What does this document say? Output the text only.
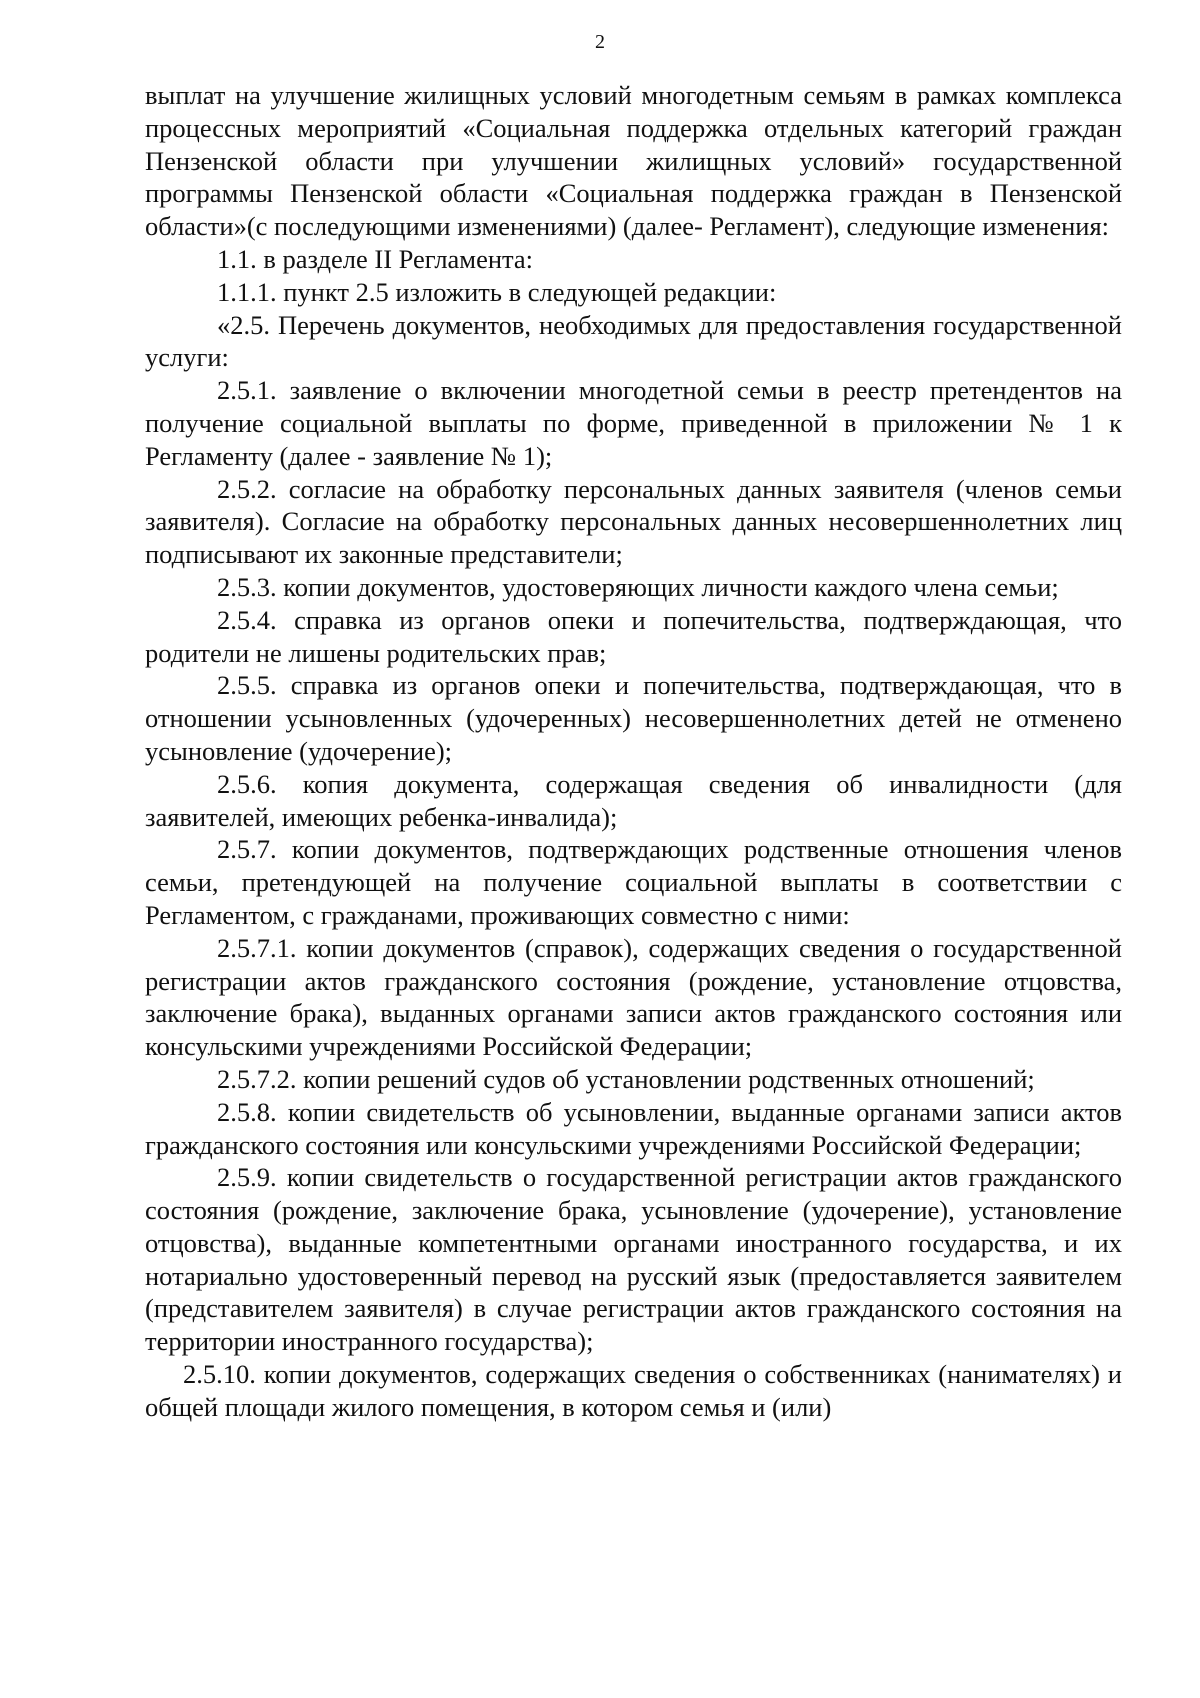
2

выплат на улучшение жилищных условий многодетным семьям в рамках комплекса процессных мероприятий «Социальная поддержка отдельных категорий граждан Пензенской области при улучшении жилищных условий» государственной программы Пензенской области «Социальная поддержка граждан в Пензенской области»(с последующими изменениями) (далее- Регламент), следующие изменения:

1.1. в разделе II Регламента:

1.1.1. пункт 2.5 изложить в следующей редакции:

«2.5. Перечень документов, необходимых для предоставления государственной услуги:

2.5.1. заявление о включении многодетной семьи в реестр претендентов на получение социальной выплаты по форме, приведенной в приложении № 1 к Регламенту (далее - заявление № 1);

2.5.2. согласие на обработку персональных данных заявителя (членов семьи заявителя). Согласие на обработку персональных данных несовершеннолетних лиц подписывают их законные представители;

2.5.3. копии документов, удостоверяющих личности каждого члена семьи;

2.5.4. справка из органов опеки и попечительства, подтверждающая, что родители не лишены родительских прав;

2.5.5. справка из органов опеки и попечительства, подтверждающая, что в отношении усыновленных (удочеренных) несовершеннолетних детей не отменено усыновление (удочерение);

2.5.6. копия документа, содержащая сведения об инвалидности (для заявителей, имеющих ребенка-инвалида);

2.5.7. копии документов, подтверждающих родственные отношения членов семьи, претендующей на получение социальной выплаты в соответствии с Регламентом, с гражданами, проживающих совместно с ними:

2.5.7.1. копии документов (справок), содержащих сведения о государственной регистрации актов гражданского состояния (рождение, установление отцовства, заключение брака), выданных органами записи актов гражданского состояния или консульскими учреждениями Российской Федерации;

2.5.7.2. копии решений судов об установлении родственных отношений;

2.5.8. копии свидетельств об усыновлении, выданные органами записи актов гражданского состояния или консульскими учреждениями Российской Федерации;

2.5.9. копии свидетельств о государственной регистрации актов гражданского состояния (рождение, заключение брака, усыновление (удочерение), установление отцовства), выданные компетентными органами иностранного государства, и их нотариально удостоверенный перевод на русский язык (предоставляется заявителем (представителем заявителя) в случае регистрации актов гражданского состояния на территории иностранного государства);

2.5.10. копии документов, содержащих сведения о собственниках (нанимателях) и общей площади жилого помещения, в котором семья и (или)
